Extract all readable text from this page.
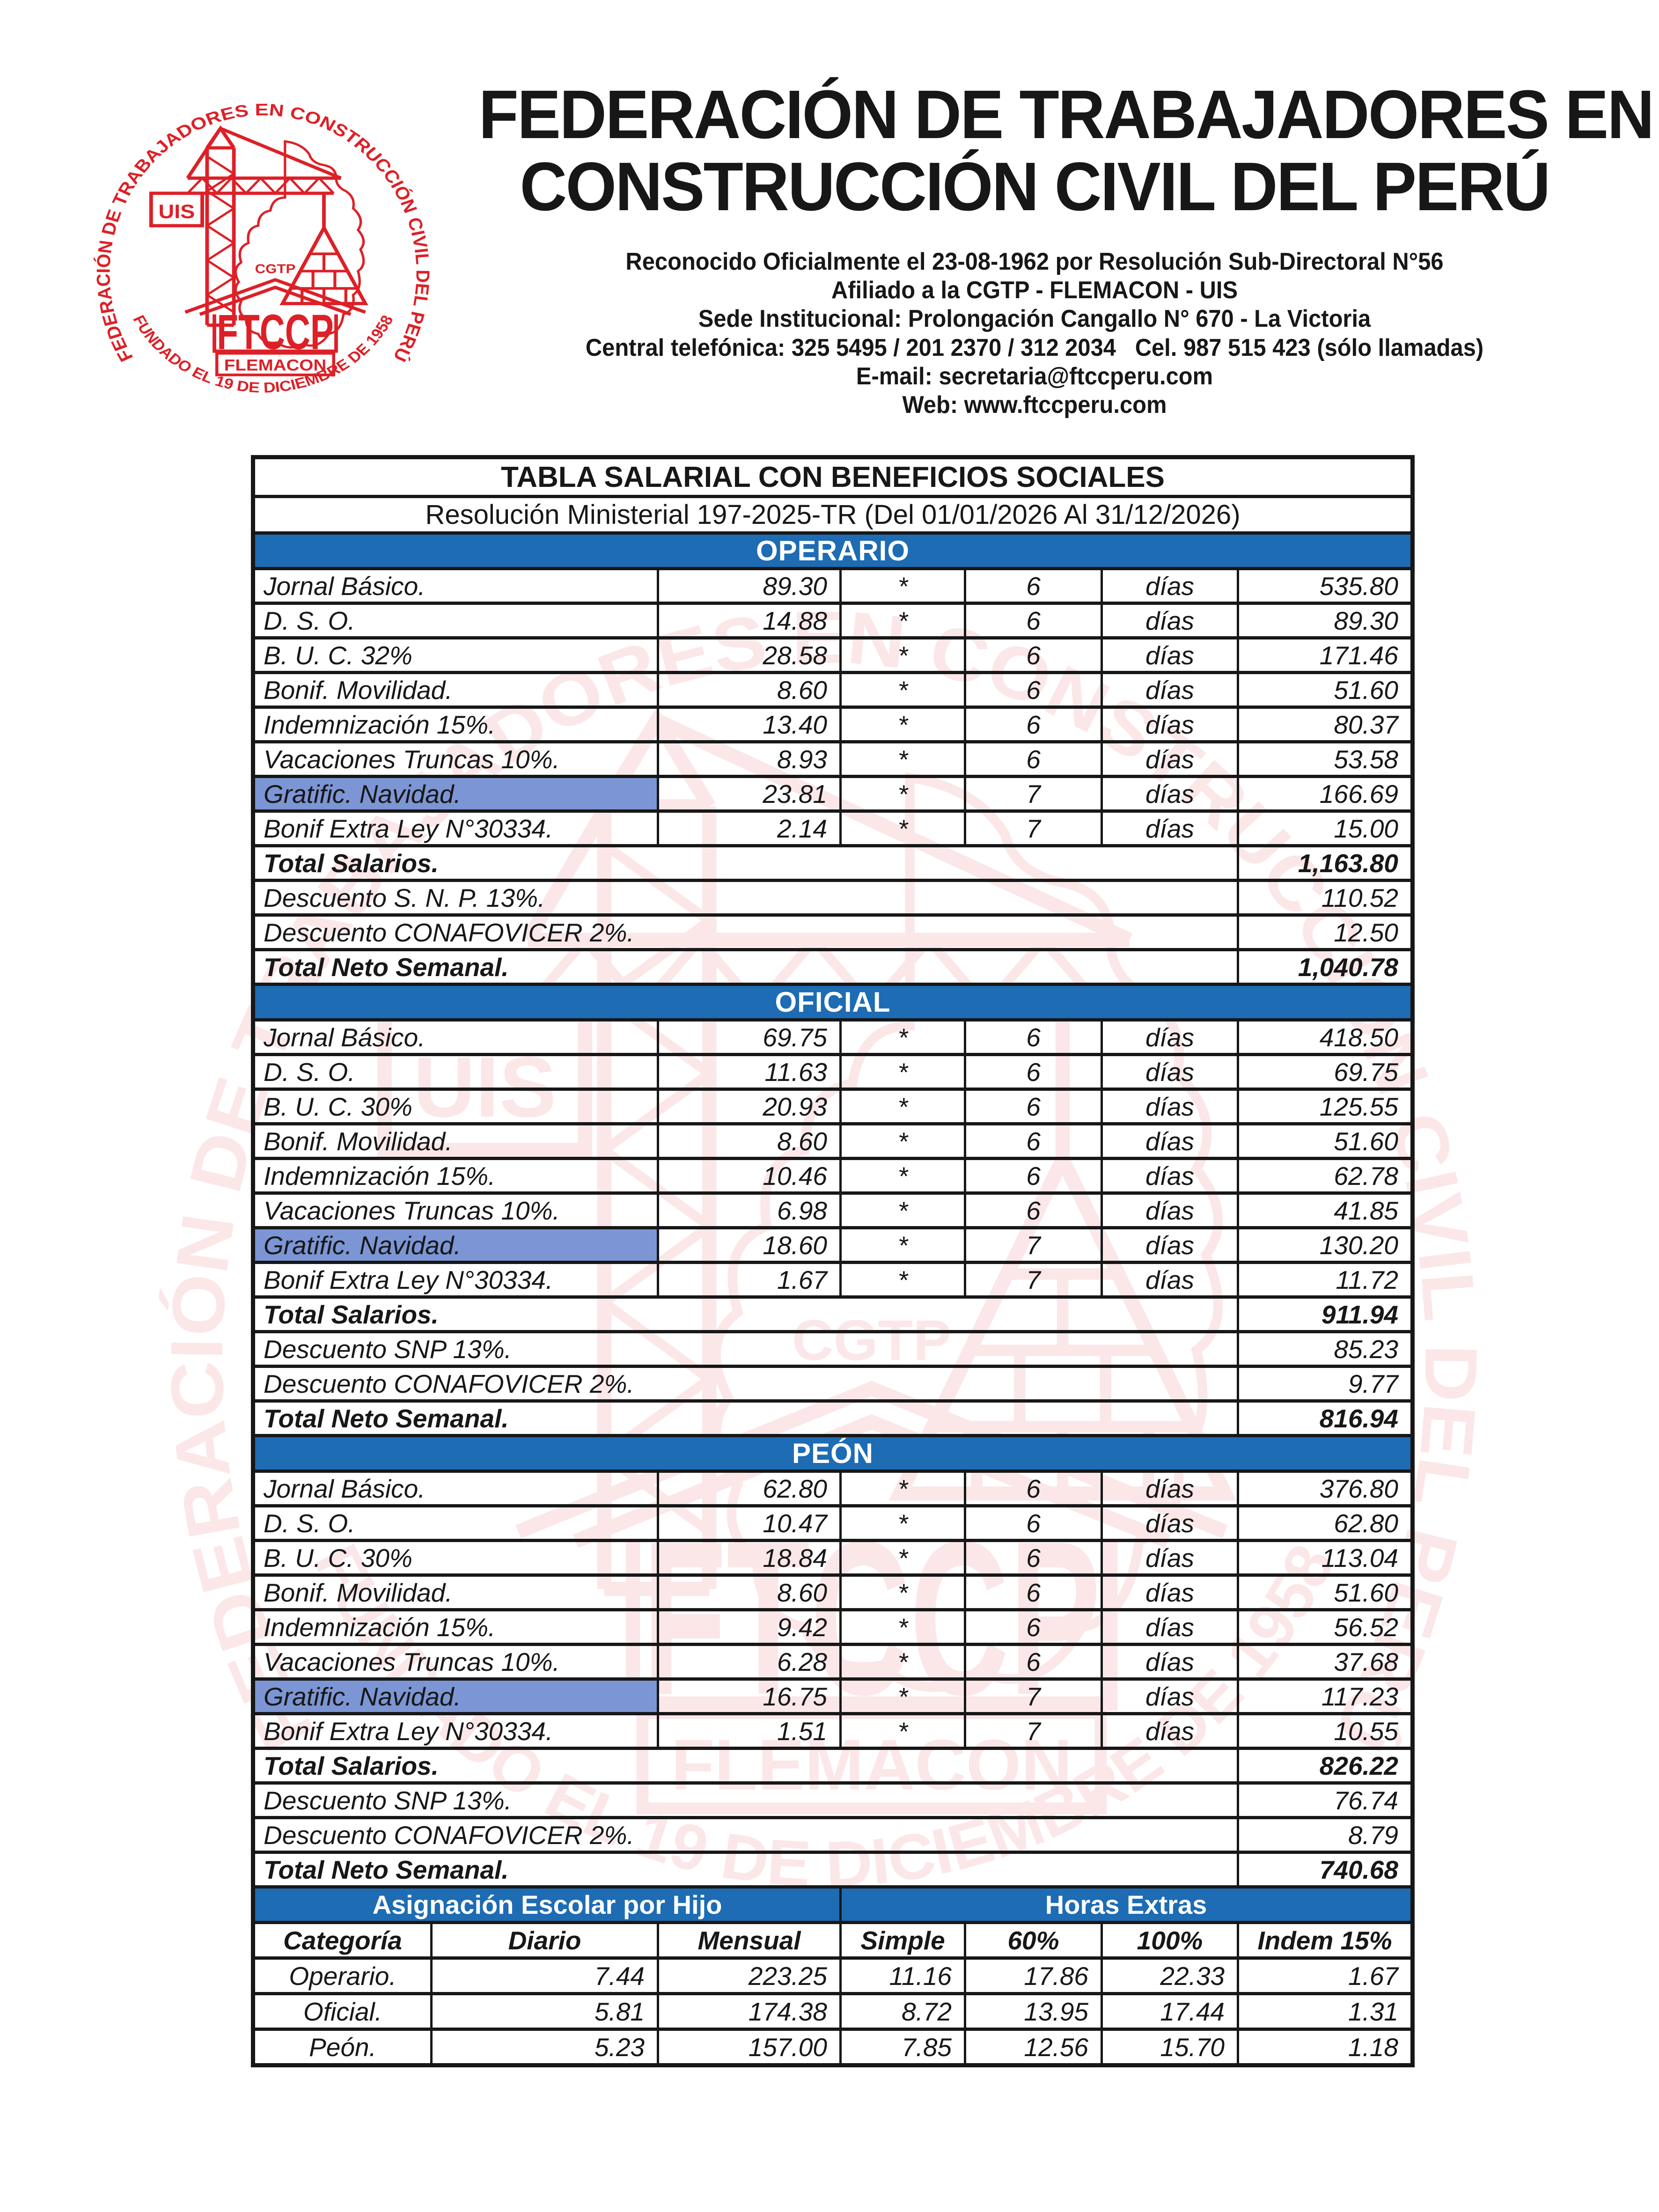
FEDERACIÓN DE TRABAJADORES EN
CONSTRUCCIÓN CIVIL DEL PERÚ
Reconocido Oficialmente el 23-08-1962 por Resolución Sub-Directoral N°56
Afiliado a la CGTP - FLEMACON - UIS
Sede Institucional: Prolongación Cangallo N° 670 - La Victoria
Central telefónica: 325 5495 / 201 2370 / 312 2034   Cel. 987 515 423 (sólo llamadas)
E-mail: secretaria@ftccperu.com
Web: www.ftccperu.com
TABLA SALARIAL CON BENEFICIOS SOCIALES
Resolución Ministerial 197-2025-TR (Del 01/01/2026 Al 31/12/2026)
OPERARIO
Jornal Básico.	89.30	*	6	días	535.80
D. S. O.	14.88	*	6	días	89.30
B. U. C. 32%	28.58	*	6	días	171.46
Bonif. Movilidad.	8.60	*	6	días	51.60
Indemnización 15%.	13.40	*	6	días	80.37
Vacaciones Truncas 10%.	8.93	*	6	días	53.58
Gratific. Navidad.	23.81	*	7	días	166.69
Bonif Extra Ley N°30334.	2.14	*	7	días	15.00
Total Salarios.	1,163.80
Descuento S. N. P. 13%.	110.52
Descuento CONAFOVICER 2%.	12.50
Total Neto Semanal.	1,040.78
OFICIAL
Jornal Básico.	69.75	*	6	días	418.50
D. S. O.	11.63	*	6	días	69.75
B. U. C. 30%	20.93	*	6	días	125.55
Bonif. Movilidad.	8.60	*	6	días	51.60
Indemnización 15%.	10.46	*	6	días	62.78
Vacaciones Truncas 10%.	6.98	*	6	días	41.85
Gratific. Navidad.	18.60	*	7	días	130.20
Bonif Extra Ley N°30334.	1.67	*	7	días	11.72
Total Salarios.	911.94
Descuento SNP 13%.	85.23
Descuento CONAFOVICER 2%.	9.77
Total Neto Semanal.	816.94
PEÓN
Jornal Básico.	62.80	*	6	días	376.80
D. S. O.	10.47	*	6	días	62.80
B. U. C. 30%	18.84	*	6	días	113.04
Bonif. Movilidad.	8.60	*	6	días	51.60
Indemnización 15%.	9.42	*	6	días	56.52
Vacaciones Truncas 10%.	6.28	*	6	días	37.68
Gratific. Navidad.	16.75	*	7	días	117.23
Bonif Extra Ley N°30334.	1.51	*	7	días	10.55
Total Salarios.	826.22
Descuento SNP 13%.	76.74
Descuento CONAFOVICER 2%.	8.79
Total Neto Semanal.	740.68
Asignación Escolar por Hijo	Horas Extras
Categoría	Diario	Mensual	Simple	60%	100%	Indem 15%
Operario.	7.44	223.25	11.16	17.86	22.33	1.67
Oficial.	5.81	174.38	8.72	13.95	17.44	1.31
Peón.	5.23	157.00	7.85	12.56	15.70	1.18
